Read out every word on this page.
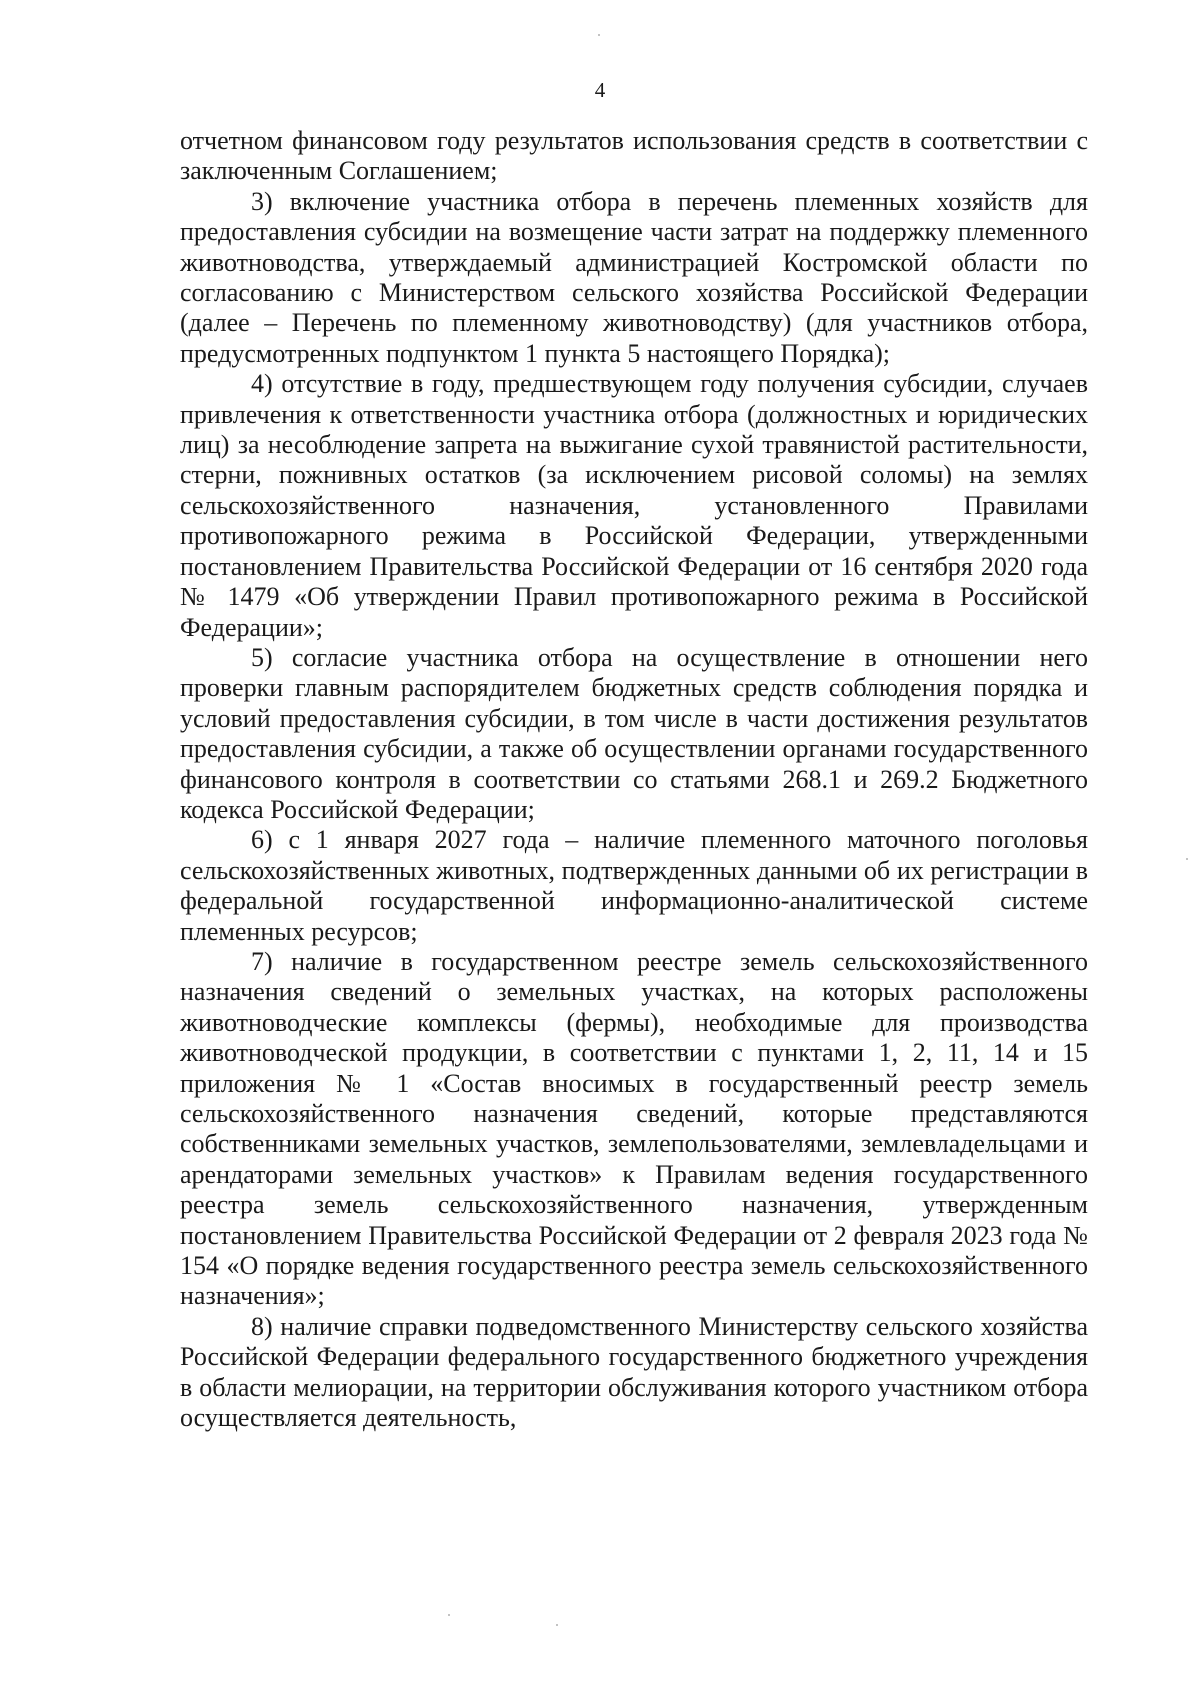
4

отчетном финансовом году результатов использования средств в соответствии с заключенным Соглашением;

3) включение участника отбора в перечень племенных хозяйств для предоставления субсидии на возмещение части затрат на поддержку племенного животноводства, утверждаемый администрацией Костромской области по согласованию с Министерством сельского хозяйства Российской Федерации (далее – Перечень по племенному животноводству) (для участников отбора, предусмотренных подпунктом 1 пункта 5 настоящего Порядка);

4) отсутствие в году, предшествующем году получения субсидии, случаев привлечения к ответственности участника отбора (должностных и юридических лиц) за несоблюдение запрета на выжигание сухой травянистой растительности, стерни, пожнивных остатков (за исключением рисовой соломы) на землях сельскохозяйственного назначения, установленного Правилами противопожарного режима в Российской Федерации, утвержденными постановлением Правительства Российской Федерации от 16 сентября 2020 года № 1479 «Об утверждении Правил противопожарного режима в Российской Федерации»;

5) согласие участника отбора на осуществление в отношении него проверки главным распорядителем бюджетных средств соблюдения порядка и условий предоставления субсидии, в том числе в части достижения результатов предоставления субсидии, а также об осуществлении органами государственного финансового контроля в соответствии со статьями 268.1 и 269.2 Бюджетного кодекса Российской Федерации;

6) с 1 января 2027 года – наличие племенного маточного поголовья сельскохозяйственных животных, подтвержденных данными об их регистрации в федеральной государственной информационно-аналитической системе племенных ресурсов;

7) наличие в государственном реестре земель сельскохозяйственного назначения сведений о земельных участках, на которых расположены животноводческие комплексы (фермы), необходимые для производства животноводческой продукции, в соответствии с пунктами 1, 2, 11, 14 и 15 приложения № 1 «Состав вносимых в государственный реестр земель сельскохозяйственного назначения сведений, которые представляются собственниками земельных участков, землепользователями, землевладельцами и арендаторами земельных участков» к Правилам ведения государственного реестра земель сельскохозяйственного назначения, утвержденным постановлением Правительства Российской Федерации от 2 февраля 2023 года № 154 «О порядке ведения государственного реестра земель сельскохозяйственного назначения»;

8) наличие справки подведомственного Министерству сельского хозяйства Российской Федерации федерального государственного бюджетного учреждения в области мелиорации, на территории обслуживания которого участником отбора осуществляется деятельность,
